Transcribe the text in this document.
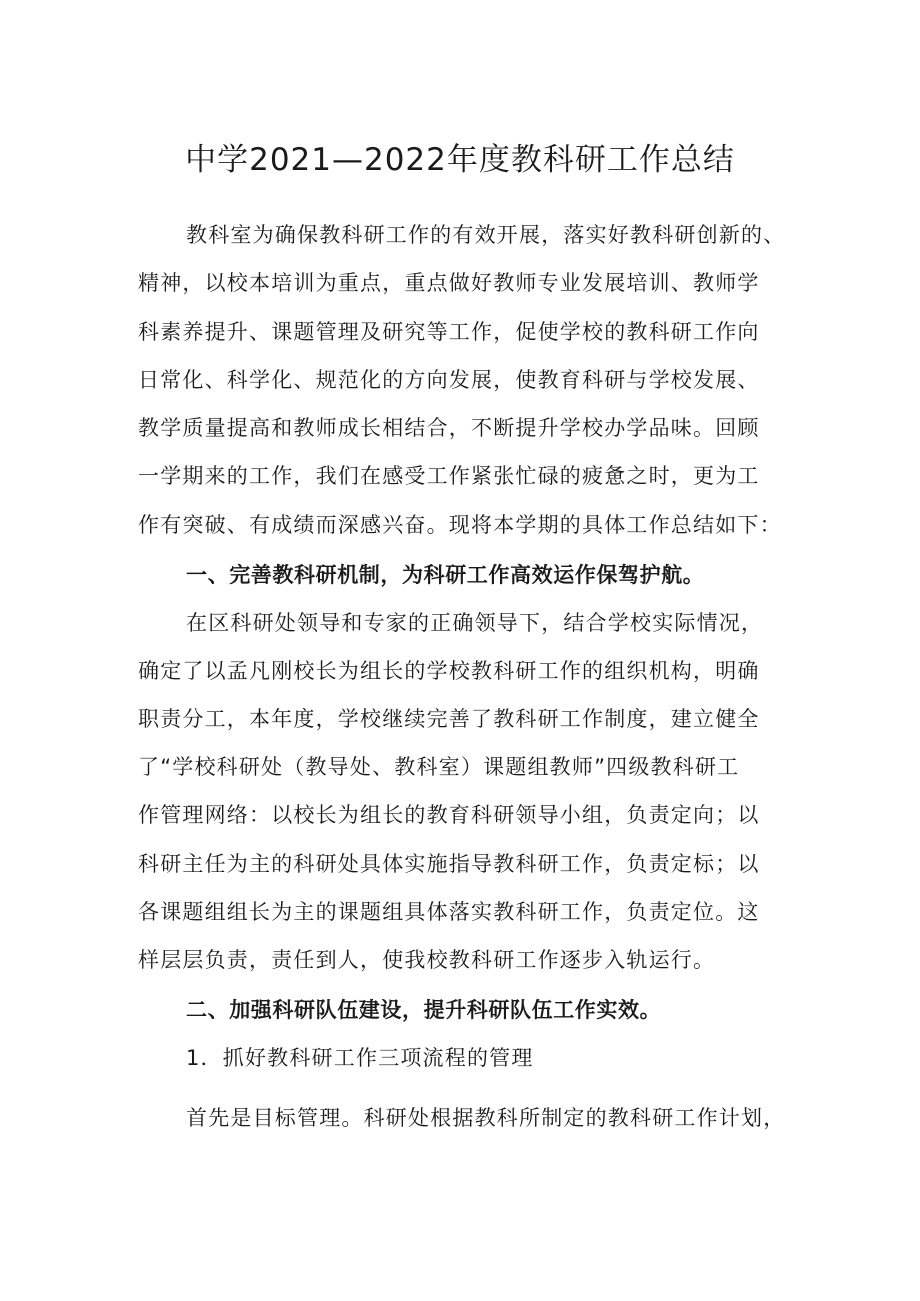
中学2021—2022年度教科研工作总结
教科室为确保教科研工作的有效开展，落实好教科研创新的、
精神，以校本培训为重点，重点做好教师专业发展培训、教师学
科素养提升、课题管理及研究等工作，促使学校的教科研工作向
日常化、科学化、规范化的方向发展，使教育科研与学校发展、
教学质量提高和教师成长相结合，不断提升学校办学品味。回顾
一学期来的工作，我们在感受工作紧张忙碌的疲惫之时，更为工
作有突破、有成绩而深感兴奋。现将本学期的具体工作总结如下：
一、完善教科研机制，为科研工作高效运作保驾护航。
在区科研处领导和专家的正确领导下，结合学校实际情况，
确定了以孟凡刚校长为组长的学校教科研工作的组织机构，明确
职责分工，本年度，学校继续完善了教科研工作制度，建立健全
了“学校科研处（教导处、教科室）课题组教师”四级教科研工
作管理网络：以校长为组长的教育科研领导小组，负责定向；以
科研主任为主的科研处具体实施指导教科研工作，负责定标；以
各课题组组长为主的课题组具体落实教科研工作，负责定位。这
样层层负责，责任到人，使我校教科研工作逐步入轨运行。
二、加强科研队伍建设，提升科研队伍工作实效。
1．抓好教科研工作三项流程的管理
首先是目标管理。科研处根据教科所制定的教科研工作计划，
